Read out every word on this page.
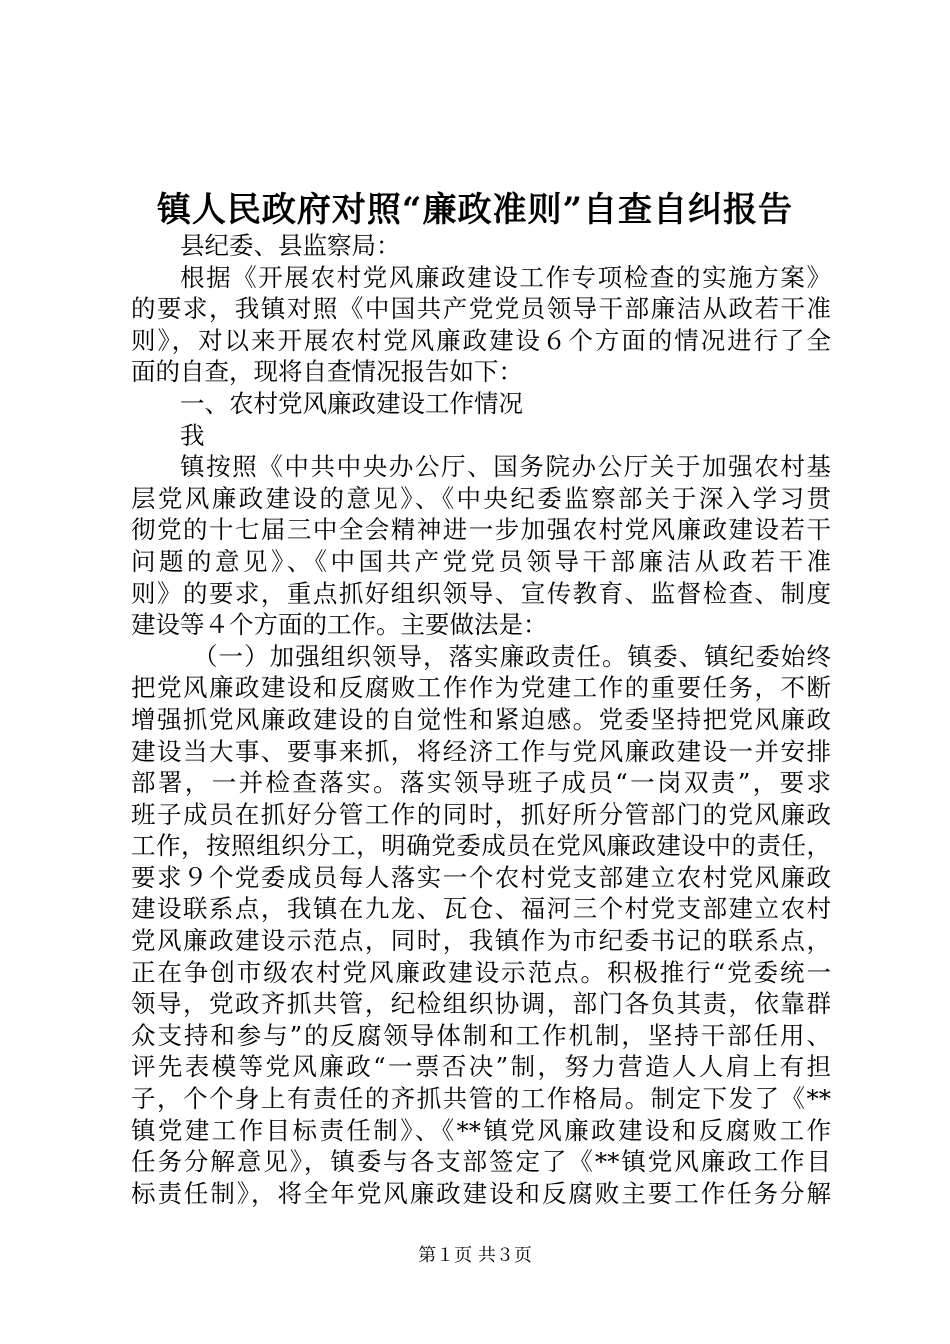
镇人民政府对照“廉政准则”自查自纠报告
县纪委、县监察局：
根据《开展农村党风廉政建设工作专项检查的实施方案》
的要求，我镇对照《中国共产党党员领导干部廉洁从政若干准
则》，对以来开展农村党风廉政建设６个方面的情况进行了全
面的自查，现将自查情况报告如下：
一、农村党风廉政建设工作情况
我
镇按照《中共中央办公厅、国务院办公厅关于加强农村基
层党风廉政建设的意见》、《中央纪委监察部关于深入学习贯
彻党的十七届三中全会精神进一步加强农村党风廉政建设若干
问题的意见》、《中国共产党党员领导干部廉洁从政若干准
则》的要求，重点抓好组织领导、宣传教育、监督检查、制度
建设等４个方面的工作。主要做法是：
（一）加强组织领导，落实廉政责任。镇委、镇纪委始终
把党风廉政建设和反腐败工作作为党建工作的重要任务，不断
增强抓党风廉政建设的自觉性和紧迫感。党委坚持把党风廉政
建设当大事、要事来抓，将经济工作与党风廉政建设一并安排
部署，一并检查落实。落实领导班子成员“一岗双责”，要求
班子成员在抓好分管工作的同时，抓好所分管部门的党风廉政
工作，按照组织分工，明确党委成员在党风廉政建设中的责任，
要求９个党委成员每人落实一个农村党支部建立农村党风廉政
建设联系点，我镇在九龙、瓦仓、福河三个村党支部建立农村
党风廉政建设示范点，同时，我镇作为市纪委书记的联系点，
正在争创市级农村党风廉政建设示范点。积极推行“党委统一
领导，党政齐抓共管，纪检组织协调，部门各负其责，依靠群
众支持和参与”的反腐领导体制和工作机制，坚持干部任用、
评先表模等党风廉政“一票否决”制，努力营造人人肩上有担
子，个个身上有责任的齐抓共管的工作格局。制定下发了《**
镇党建工作目标责任制》、《**镇党风廉政建设和反腐败工作
任务分解意见》，镇委与各支部签定了《**镇党风廉政工作目
标责任制》，将全年党风廉政建设和反腐败主要工作任务分解
第１页 共３页
